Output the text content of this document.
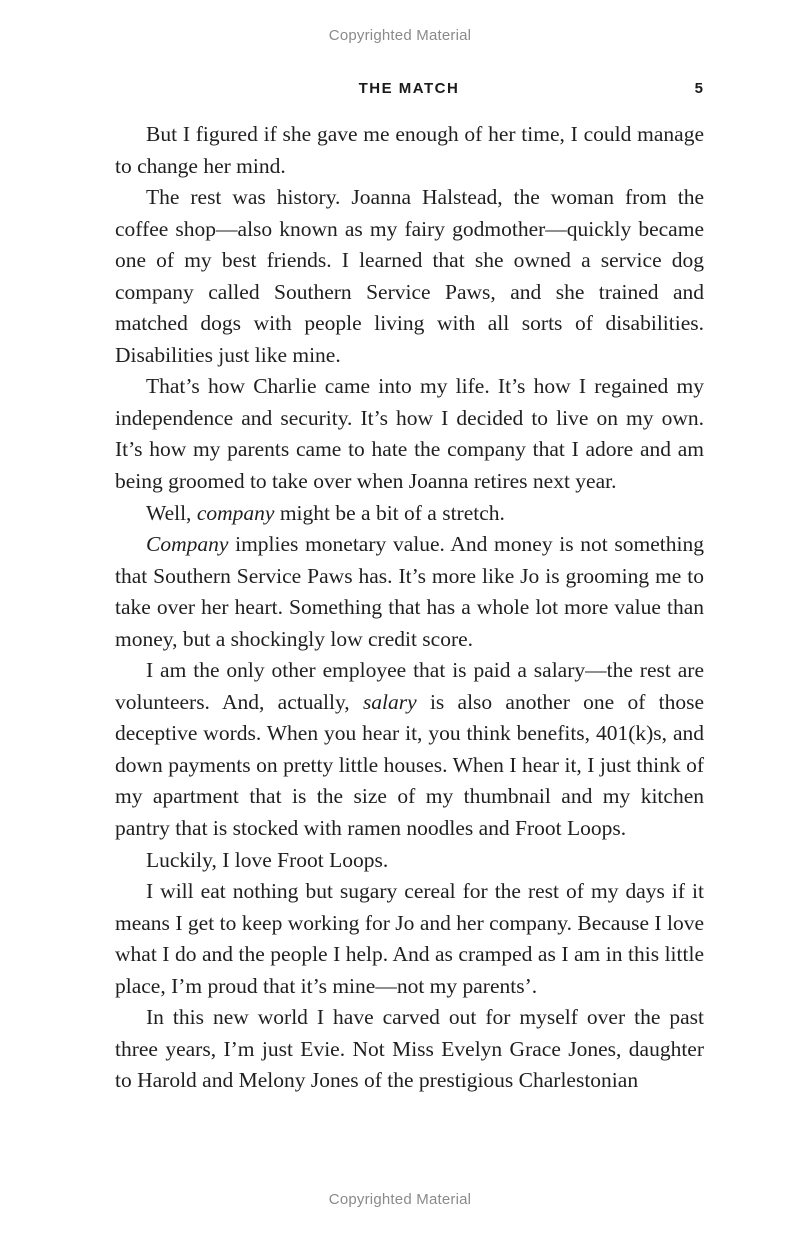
Copyrighted Material
THE MATCH	5

But I figured if she gave me enough of her time, I could manage to change her mind.

The rest was history. Joanna Halstead, the woman from the coffee shop—also known as my fairy godmother—quickly became one of my best friends. I learned that she owned a service dog company called Southern Service Paws, and she trained and matched dogs with people living with all sorts of disabilities. Disabilities just like mine.

That’s how Charlie came into my life. It’s how I regained my independence and security. It’s how I decided to live on my own. It’s how my parents came to hate the company that I adore and am being groomed to take over when Joanna retires next year.

Well, company might be a bit of a stretch.

Company implies monetary value. And money is not something that Southern Service Paws has. It’s more like Jo is grooming me to take over her heart. Something that has a whole lot more value than money, but a shockingly low credit score.

I am the only other employee that is paid a salary—the rest are volunteers. And, actually, salary is also another one of those deceptive words. When you hear it, you think benefits, 401(k)s, and down payments on pretty little houses. When I hear it, I just think of my apartment that is the size of my thumbnail and my kitchen pantry that is stocked with ramen noodles and Froot Loops.

Luckily, I love Froot Loops.

I will eat nothing but sugary cereal for the rest of my days if it means I get to keep working for Jo and her company. Because I love what I do and the people I help. And as cramped as I am in this little place, I’m proud that it’s mine—not my parents’.

In this new world I have carved out for myself over the past three years, I’m just Evie. Not Miss Evelyn Grace Jones, daughter to Harold and Melony Jones of the prestigious Charlestonian

Copyrighted Material
